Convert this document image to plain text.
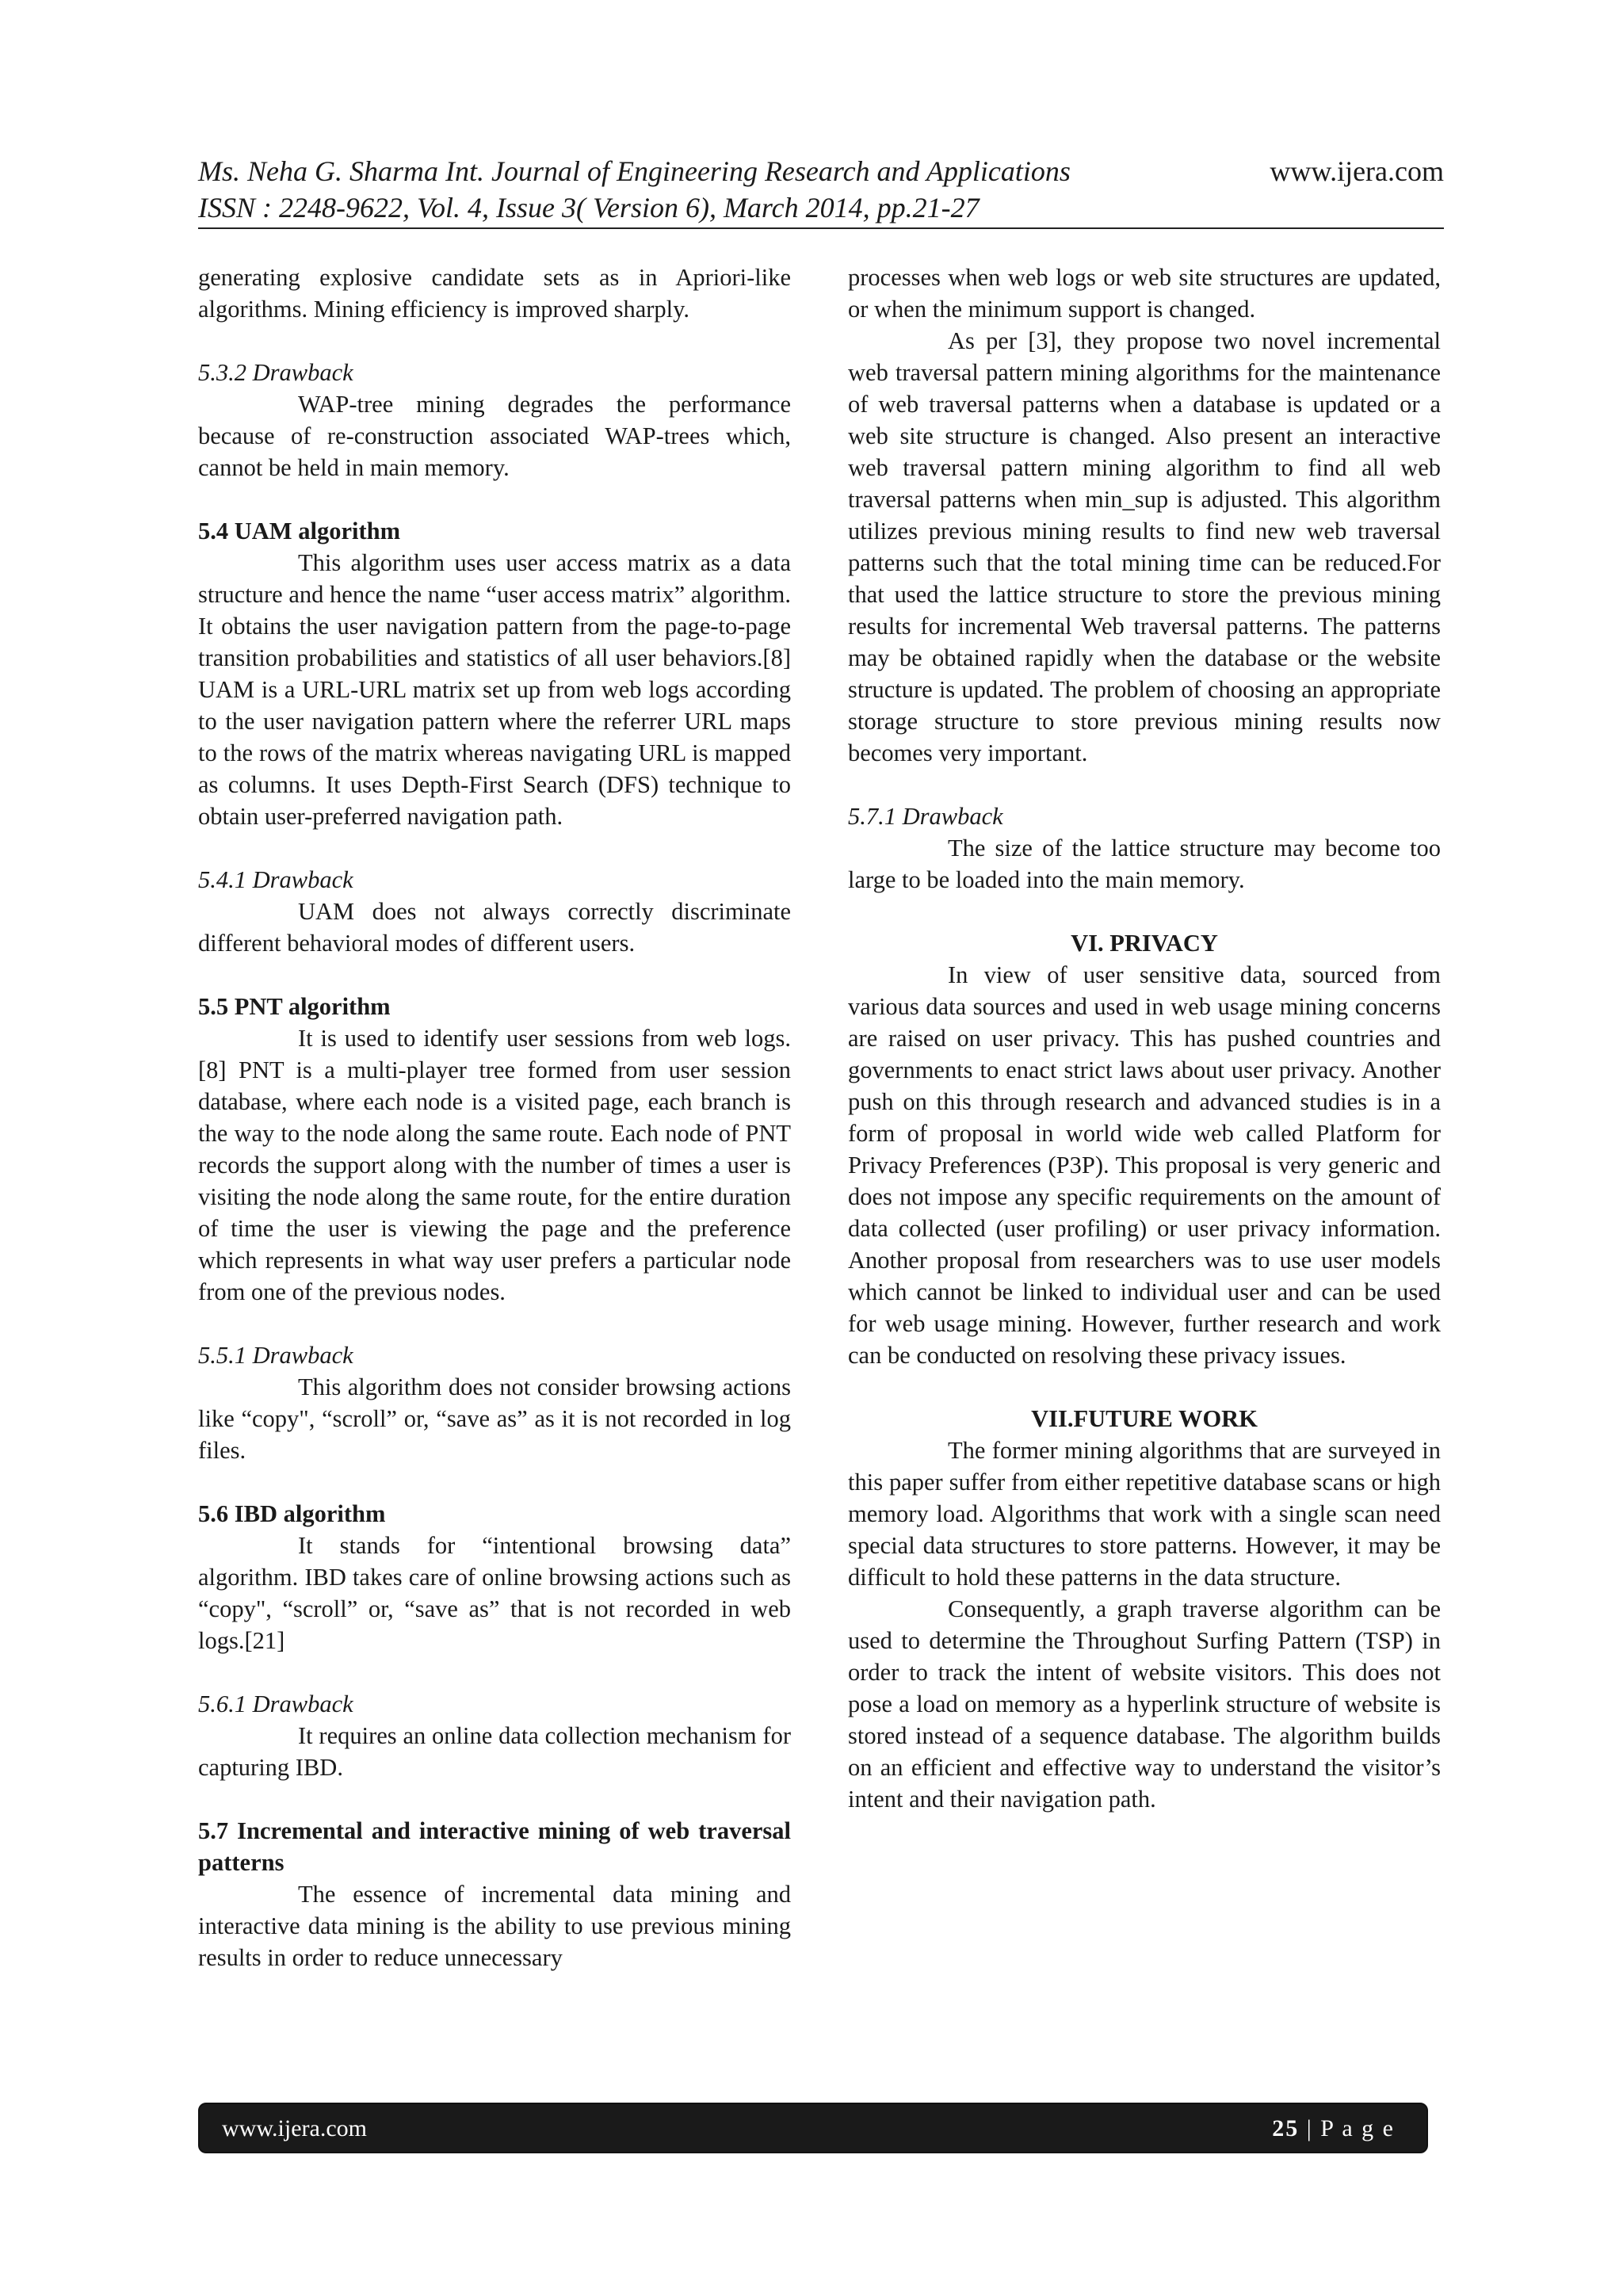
Ms. Neha G. Sharma Int. Journal of Engineering Research and Applications	www.ijera.com
ISSN : 2248-9622, Vol. 4, Issue 3( Version 6), March 2014, pp.21-27

generating explosive candidate sets as in Apriori-like algorithms. Mining efficiency is improved sharply.

5.3.2 Drawback

WAP-tree mining degrades the performance because of re-construction associated WAP-trees which, cannot be held in main memory.

5.4 UAM algorithm

This algorithm uses user access matrix as a data structure and hence the name “user access matrix” algorithm. It obtains the user navigation pattern from the page-to-page transition probabilities and statistics of all user behaviors.[8] UAM is a URL-URL matrix set up from web logs according to the user navigation pattern where the referrer URL maps to the rows of the matrix whereas navigating URL is mapped as columns. It uses Depth-First Search (DFS) technique to obtain user-preferred navigation path.

5.4.1 Drawback

UAM does not always correctly discriminate different behavioral modes of different users.

5.5 PNT algorithm

It is used to identify user sessions from web logs.[8] PNT is a multi-player tree formed from user session database, where each node is a visited page, each branch is the way to the node along the same route. Each node of PNT records the support along with the number of times a user is visiting the node along the same route, for the entire duration of time the user is viewing the page and the preference which represents in what way user prefers a particular node from one of the previous nodes.

5.5.1 Drawback

This algorithm does not consider browsing actions like “copy", “scroll” or, “save as” as it is not recorded in log files.

5.6 IBD algorithm

It stands for “intentional browsing data” algorithm. IBD takes care of online browsing actions such as “copy", “scroll” or, “save as” that is not recorded in web logs.[21]

5.6.1 Drawback

It requires an online data collection mechanism for capturing IBD.

5.7 Incremental and interactive mining of web traversal patterns

The essence of incremental data mining and interactive data mining is the ability to use previous mining results in order to reduce unnecessary

processes when web logs or web site structures are updated, or when the minimum support is changed.

As per [3], they propose two novel incremental web traversal pattern mining algorithms for the maintenance of web traversal patterns when a database is updated or a web site structure is changed. Also present an interactive web traversal pattern mining algorithm to find all web traversal patterns when min_sup is adjusted. This algorithm utilizes previous mining results to find new web traversal patterns such that the total mining time can be reduced.For that used the lattice structure to store the previous mining results for incremental Web traversal patterns. The patterns may be obtained rapidly when the database or the website structure is updated. The problem of choosing an appropriate storage structure to store previous mining results now becomes very important.

5.7.1 Drawback

The size of the lattice structure may become too large to be loaded into the main memory.

VI. PRIVACY

In view of user sensitive data, sourced from various data sources and used in web usage mining concerns are raised on user privacy. This has pushed countries and governments to enact strict laws about user privacy. Another push on this through research and advanced studies is in a form of proposal in world wide web called Platform for Privacy Preferences (P3P). This proposal is very generic and does not impose any specific requirements on the amount of data collected (user profiling) or user privacy information. Another proposal from researchers was to use user models which cannot be linked to individual user and can be used for web usage mining. However, further research and work can be conducted on resolving these privacy issues.

VII.FUTURE WORK

The former mining algorithms that are surveyed in this paper suffer from either repetitive database scans or high memory load. Algorithms that work with a single scan need special data structures to store patterns. However, it may be difficult to hold these patterns in the data structure.

Consequently, a graph traverse algorithm can be used to determine the Throughout Surfing Pattern (TSP) in order to track the intent of website visitors. This does not pose a load on memory as a hyperlink structure of website is stored instead of a sequence database. The algorithm builds on an efficient and effective way to understand the visitor’s intent and their navigation path.

www.ijera.com	25 | P a g e
